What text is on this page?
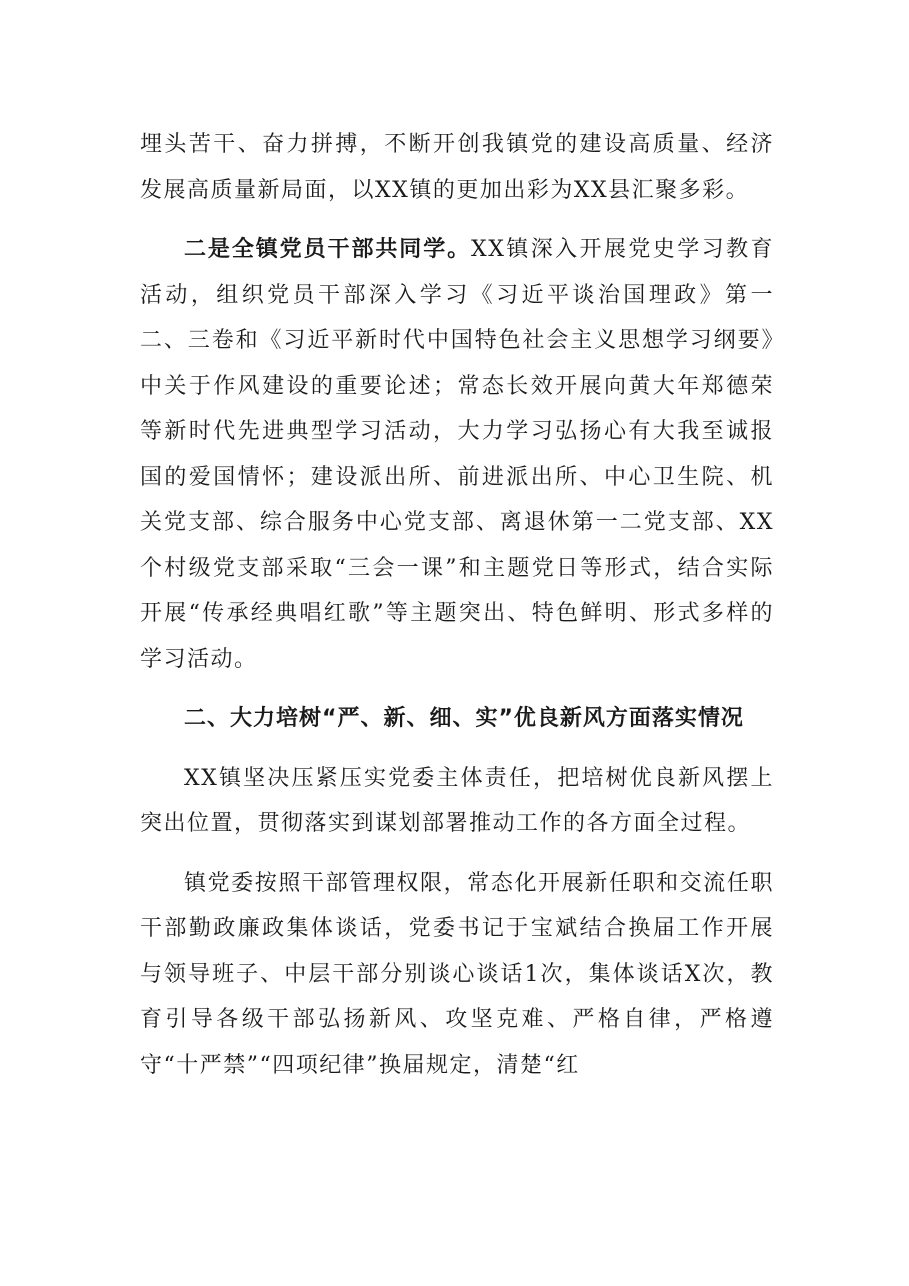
埋头苦干、奋力拼搏，不断开创我镇党的建设高质量、经济发展高质量新局面，以XX镇的更加出彩为XX县汇聚多彩。

二是全镇党员干部共同学。XX镇深入开展党史学习教育活动，组织党员干部深入学习《习近平谈治国理政》第一二、三卷和《习近平新时代中国特色社会主义思想学习纲要》中关于作风建设的重要论述；常态长效开展向黄大年郑德荣等新时代先进典型学习活动，大力学习弘扬心有大我至诚报国的爱国情怀；建设派出所、前进派出所、中心卫生院、机关党支部、综合服务中心党支部、离退休第一二党支部、XX个村级党支部采取“三会一课”和主题党日等形式，结合实际开展“传承经典唱红歌”等主题突出、特色鲜明、形式多样的学习活动。

二、大力培树“严、新、细、实”优良新风方面落实情况

XX镇坚决压紧压实党委主体责任，把培树优良新风摆上突出位置，贯彻落实到谋划部署推动工作的各方面全过程。

镇党委按照干部管理权限，常态化开展新任职和交流任职干部勤政廉政集体谈话，党委书记于宝斌结合换届工作开展与领导班子、中层干部分别谈心谈话1次，集体谈话X次，教育引导各级干部弘扬新风、攻坚克难、严格自律，严格遵守“十严禁”“四项纪律”换届规定，清楚“红
